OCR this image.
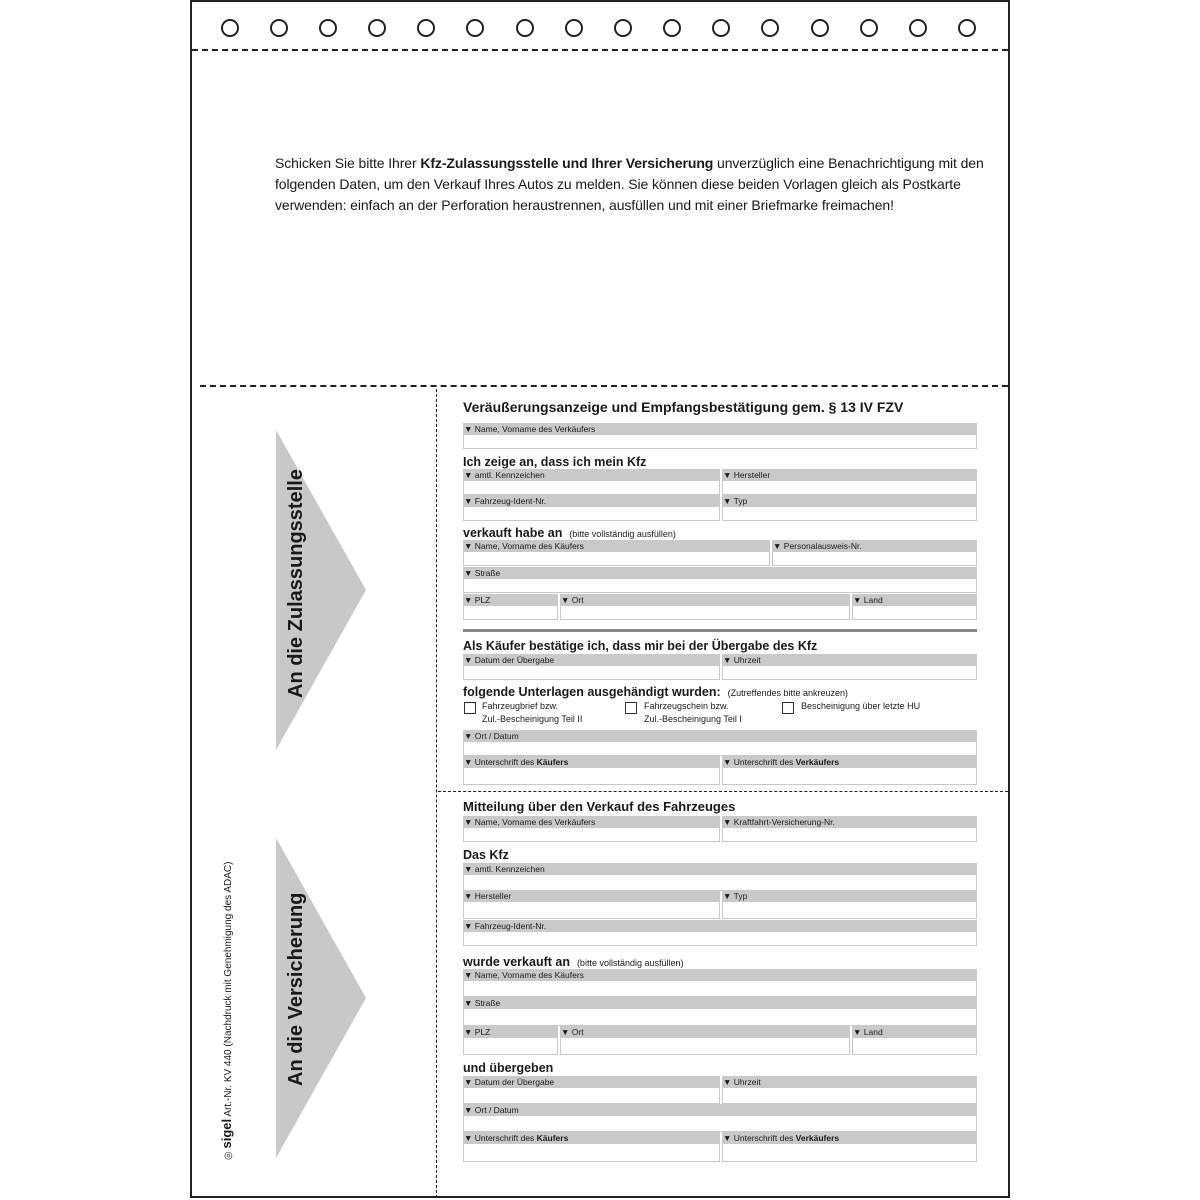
Schicken Sie bitte Ihrer Kfz-Zulassungsstelle und Ihrer Versicherung unverzüglich eine Benachrichtigung mit den folgenden Daten, um den Verkauf Ihres Autos zu melden. Sie können diese beiden Vorlagen gleich als Postkarte verwenden: einfach an der Perforation heraustrennen, ausfüllen und mit einer Briefmarke freimachen!
An die Zulassungsstelle
An die Versicherung
◎ sigel Art.-Nr. KV 440 (Nachdruck mit Genehmigung des ADAC)
Veräußerungsanzeige und Empfangsbestätigung gem. § 13 IV FZV
▼ Name, Vorname des Verkäufers
Ich zeige an, dass ich mein Kfz
▼ amtl. Kennzeichen	▼ Hersteller
▼ Fahrzeug-Ident-Nr.	▼ Typ
verkauft habe an (bitte vollständig ausfüllen)
▼ Name, Vorname des Käufers	▼ Personalausweis-Nr.
▼ Straße
▼ PLZ	▼ Ort	▼ Land
Als Käufer bestätige ich, dass mir bei der Übergabe des Kfz
▼ Datum der Übergabe	▼ Uhrzeit
folgende Unterlagen ausgehändigt wurden: (Zutreffendes bitte ankreuzen)
Fahrzeugbrief bzw.
Zul.-Bescheinigung Teil II
Fahrzeugschein bzw.
Zul.-Bescheinigung Teil I
Bescheinigung über letzte HU
▼ Ort / Datum
▼ Unterschrift des Käufers	▼ Unterschrift des Verkäufers
Mitteilung über den Verkauf des Fahrzeuges
▼ Name, Vorname des Verkäufers	▼ Kraftfahrt-Versicherung-Nr.
Das Kfz
▼ amtl. Kennzeichen
▼ Hersteller	▼ Typ
▼ Fahrzeug-Ident-Nr.
wurde verkauft an (bitte vollständig ausfüllen)
▼ Name, Vorname des Käufers
▼ Straße
▼ PLZ	▼ Ort	▼ Land
und übergeben
▼ Datum der Übergabe	▼ Uhrzeit
▼ Ort / Datum
▼ Unterschrift des Käufers	▼ Unterschrift des Verkäufers
